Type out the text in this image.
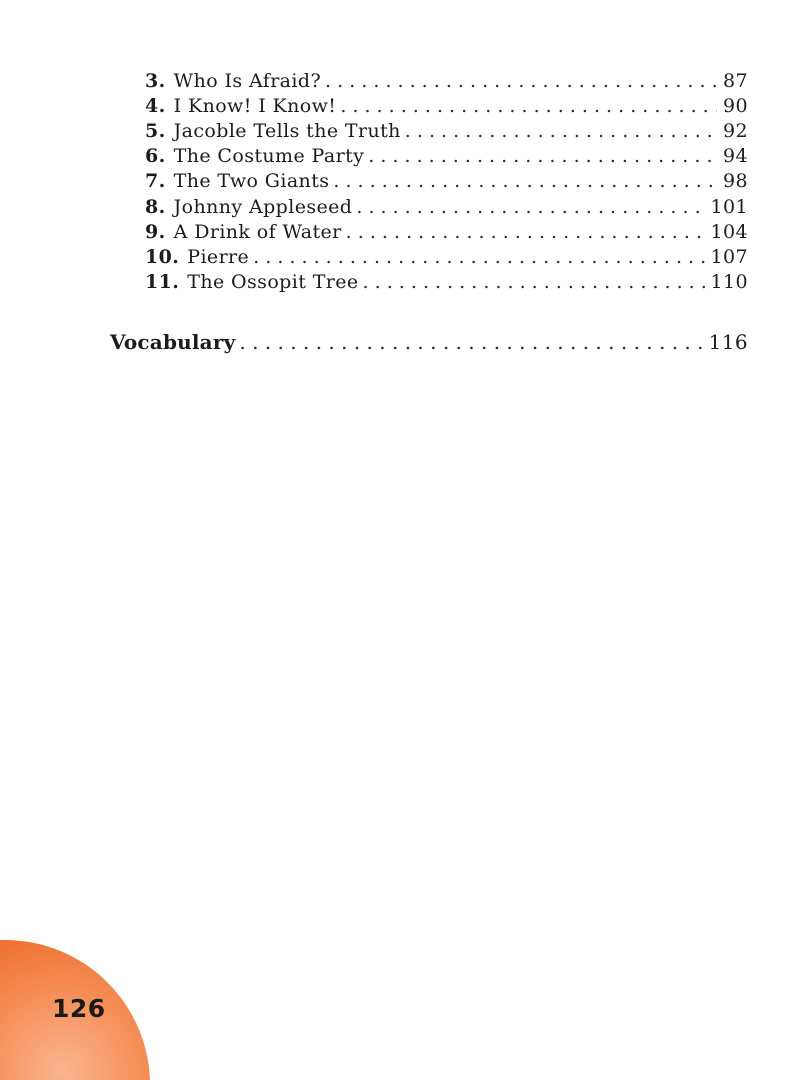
3. Who Is Afraid? . . .	87
4. I Know! I Know! . . .	90
5. Jacoble Tells the Truth . . .	92
6. The Costume Party . . .	94
7. The Two Giants . . .	98
8. Johnny Appleseed . . .	101
9. A Drink of Water . . .	104
10. Pierre . . .	107
11. The Ossopit Tree . . .	110
Vocabulary . . .	116
126
